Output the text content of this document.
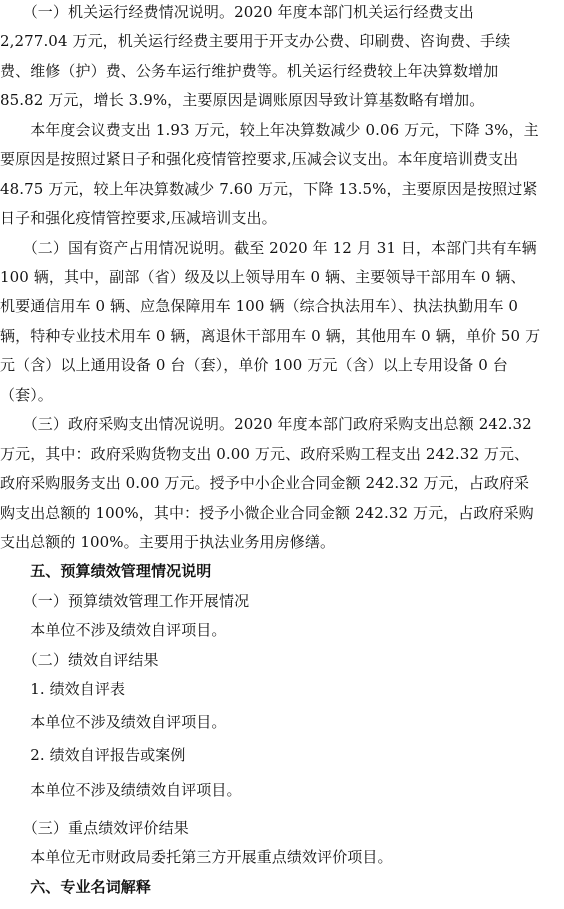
　　（一）机关运行经费情况说明。2020 年度本部门机关运行经费支出
2,277.04 万元，机关运行经费主要用于开支办公费、印刷费、咨询费、手续
费、维修（护）费、公务车运行维护费等。机关运行经费较上年决算数增加
85.82 万元，增长 3.9%，主要原因是调账原因导致计算基数略有增加。
　　本年度会议费支出 1.93 万元，较上年决算数减少 0.06 万元，下降 3%，主
要原因是按照过紧日子和强化疫情管控要求,压减会议支出。本年度培训费支出
48.75 万元，较上年决算数减少 7.60 万元，下降 13.5%，主要原因是按照过紧
日子和强化疫情管控要求,压减培训支出。
　　（二）国有资产占用情况说明。截至 2020 年 12 月 31 日，本部门共有车辆
100 辆，其中，副部（省）级及以上领导用车 0 辆、主要领导干部用车 0 辆、
机要通信用车 0 辆、应急保障用车 100 辆（综合执法用车）、执法执勤用车 0
辆，特种专业技术用车 0 辆，离退休干部用车 0 辆，其他用车 0 辆，单价 50 万
元（含）以上通用设备 0 台（套），单价 100 万元（含）以上专用设备 0 台
（套）。
　　（三）政府采购支出情况说明。2020 年度本部门政府采购支出总额 242.32
万元，其中：政府采购货物支出 0.00 万元、政府采购工程支出 242.32 万元、
政府采购服务支出 0.00 万元。授予中小企业合同金额 242.32 万元，占政府采
购支出总额的 100%，其中：授予小微企业合同金额 242.32 万元，占政府采购
支出总额的 100%。主要用于执法业务用房修缮。
　　五、预算绩效管理情况说明
　　（一）预算绩效管理工作开展情况
　　本单位不涉及绩效自评项目。
　　（二）绩效自评结果
　　1. 绩效自评表
　　本单位不涉及绩效自评项目。
　　2. 绩效自评报告或案例
　　本单位不涉及绩绩效自评项目。
　　（三）重点绩效评价结果
　　本单位无市财政局委托第三方开展重点绩效评价项目。
　　六、专业名词解释
